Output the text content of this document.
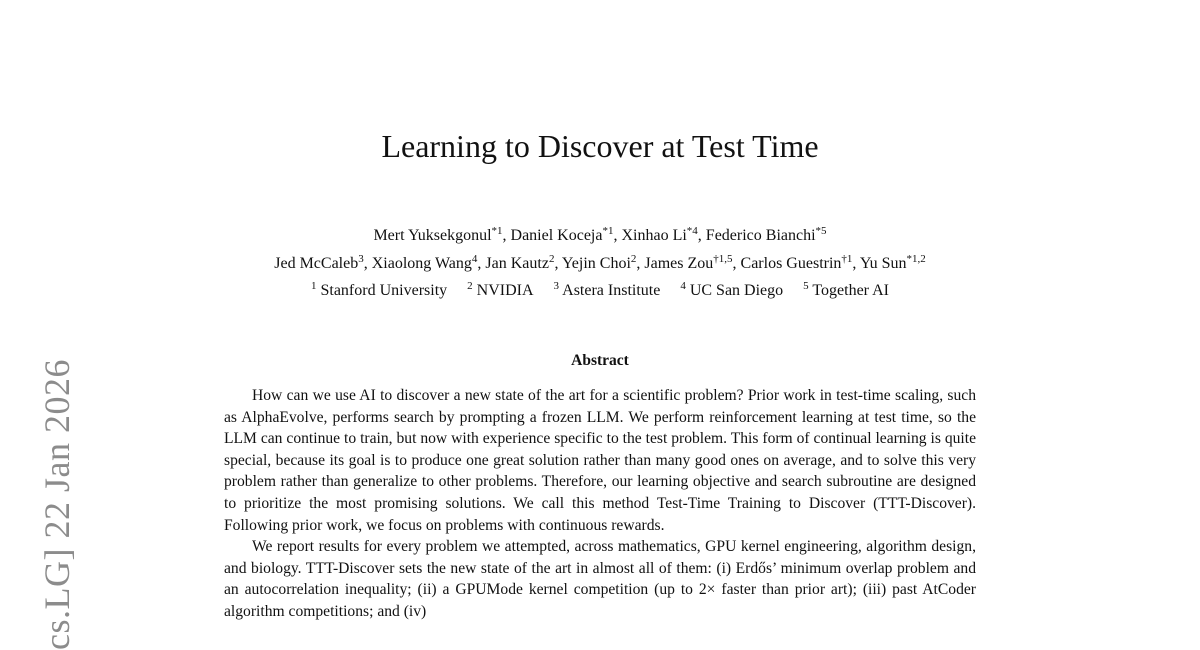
cs.LG] 22 Jan 2026
Learning to Discover at Test Time
Mert Yuksekgonul$^{*1}$, Daniel Koceja$^{*1}$, Xinhao Li$^{*4}$, Federico Bianchi$^{*5}$
Jed McCaleb$^3$, Xiaolong Wang$^4$, Jan Kautz$^2$, Yejin Choi$^2$, James Zou$^{\dagger 1,5}$, Carlos Guestrin$^{\dagger 1}$, Yu Sun$^{*1,2}$
$^1$ Stanford University $^2$ NVIDIA $^3$ Astera Institute $^4$ UC San Diego $^5$ Together AI
Abstract

How can we use AI to discover a new state of the art for a scientific problem? Prior work in test-time scaling, such as AlphaEvolve, performs search by prompting a frozen LLM. We perform reinforcement learning at test time, so the LLM can continue to train, but now with experience specific to the test problem. This form of continual learning is quite special, because its goal is to produce one great solution rather than many good ones on average, and to solve this very problem rather than generalize to other problems. Therefore, our learning objective and search subroutine are designed to prioritize the most promising solutions. We call this method Test-Time Training to Discover (TTT-Discover). Following prior work, we focus on problems with continuous rewards.

We report results for every problem we attempted, across mathematics, GPU kernel engineering, algorithm design, and biology. TTT-Discover sets the new state of the art in almost all of them: (i) Erdős’ minimum overlap problem and an autocorrelation inequality; (ii) a GPUMode kernel competition (up to 2× faster than prior art); (iii) past AtCoder algorithm competitions; and (iv)
